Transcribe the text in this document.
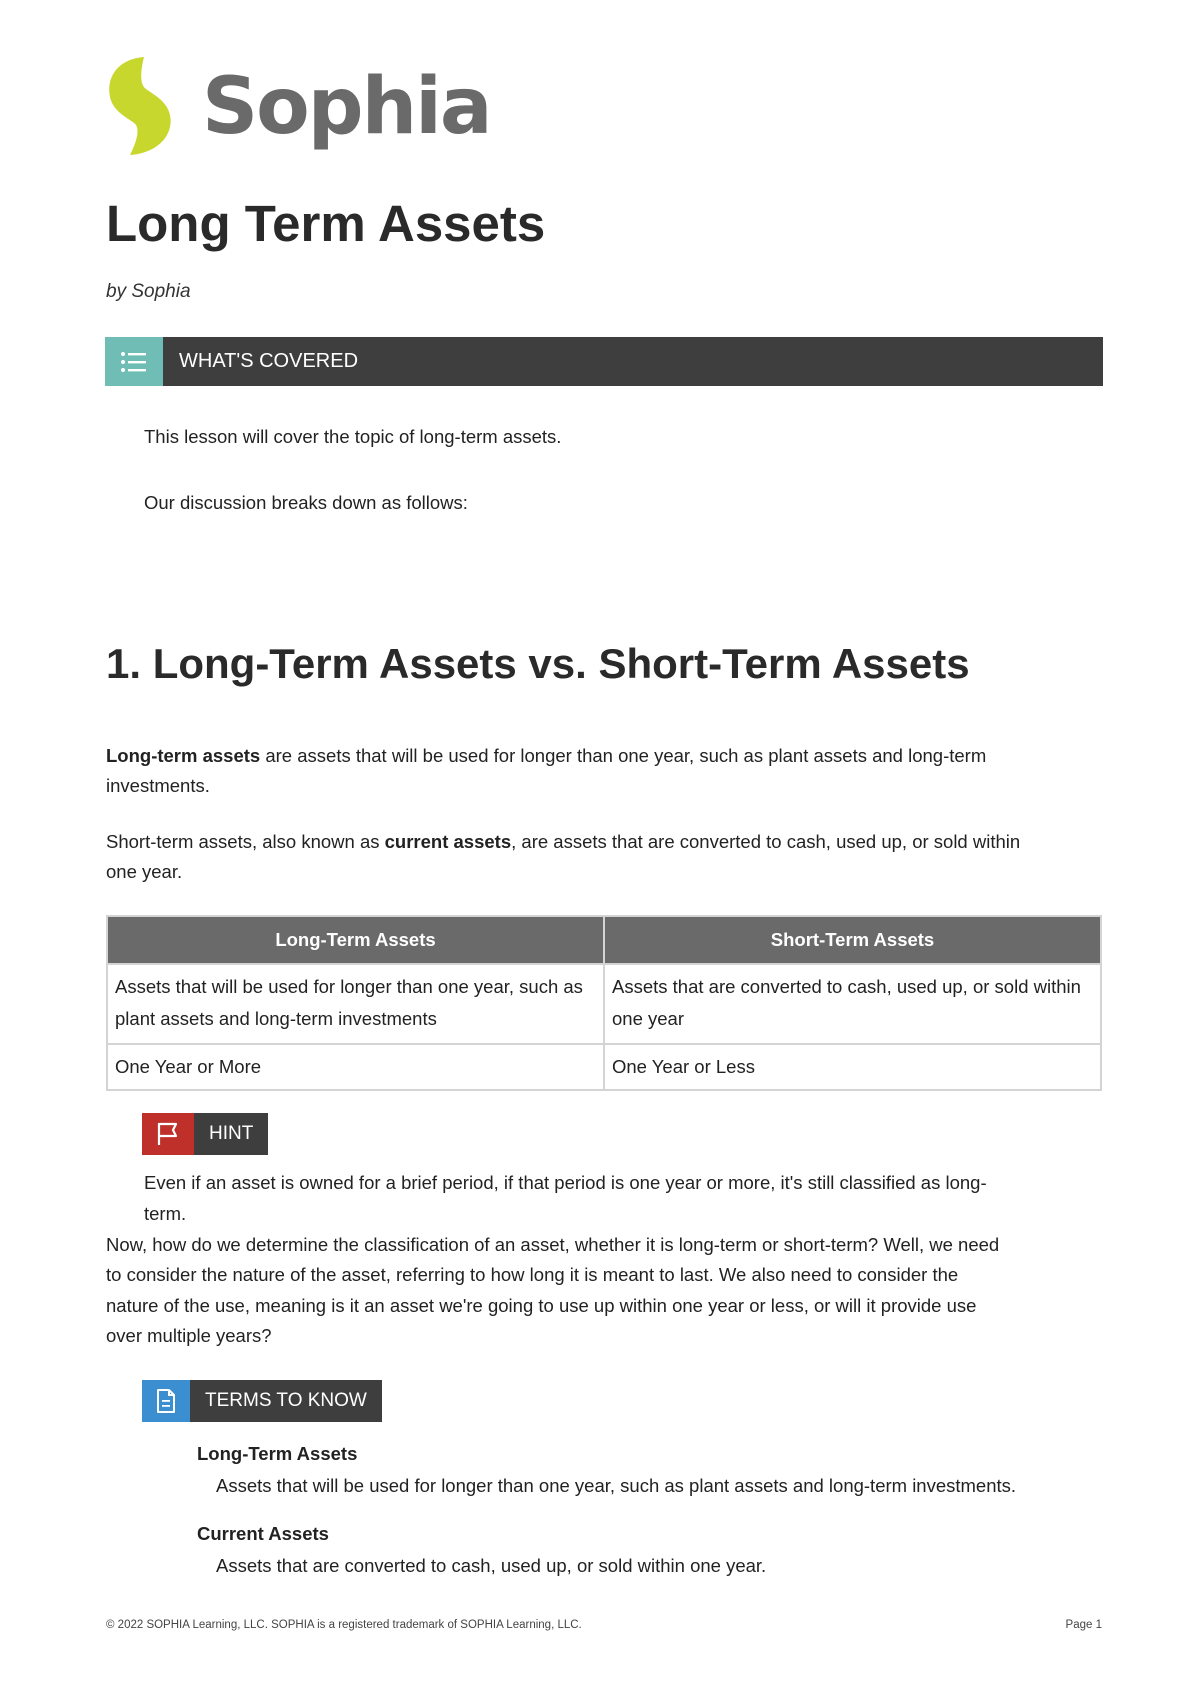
Sophia
Long Term Assets
by Sophia
WHAT'S COVERED

This lesson will cover the topic of long-term assets.

Our discussion breaks down as follows:

1. Long-Term Assets vs. Short-Term Assets

Long-term assets are assets that will be used for longer than one year, such as plant assets and long-term

investments.

Short-term assets, also known as current assets, are assets that are converted to cash, used up, or sold within

one year.

Long-Term Assets	Short-Term Assets
Assets that will be used for longer than one year, such as plant assets and long-term investments	Assets that are converted to cash, used up, or sold within one year
One Year or More	One Year or Less
HINT

Even if an asset is owned for a brief period, if that period is one year or more, it's still classified as long-

term.

Now, how do we determine the classification of an asset, whether it is long-term or short-term? Well, we need

to consider the nature of the asset, referring to how long it is meant to last. We also need to consider the

nature of the use, meaning is it an asset we're going to use up within one year or less, or will it provide use

over multiple years?

TERMS TO KNOW
Long-Term Assets
Assets that will be used for longer than one year, such as plant assets and long-term investments.
Current Assets
Assets that are converted to cash, used up, or sold within one year.
© 2022 SOPHIA Learning, LLC. SOPHIA is a registered trademark of SOPHIA Learning, LLC.	Page 1
